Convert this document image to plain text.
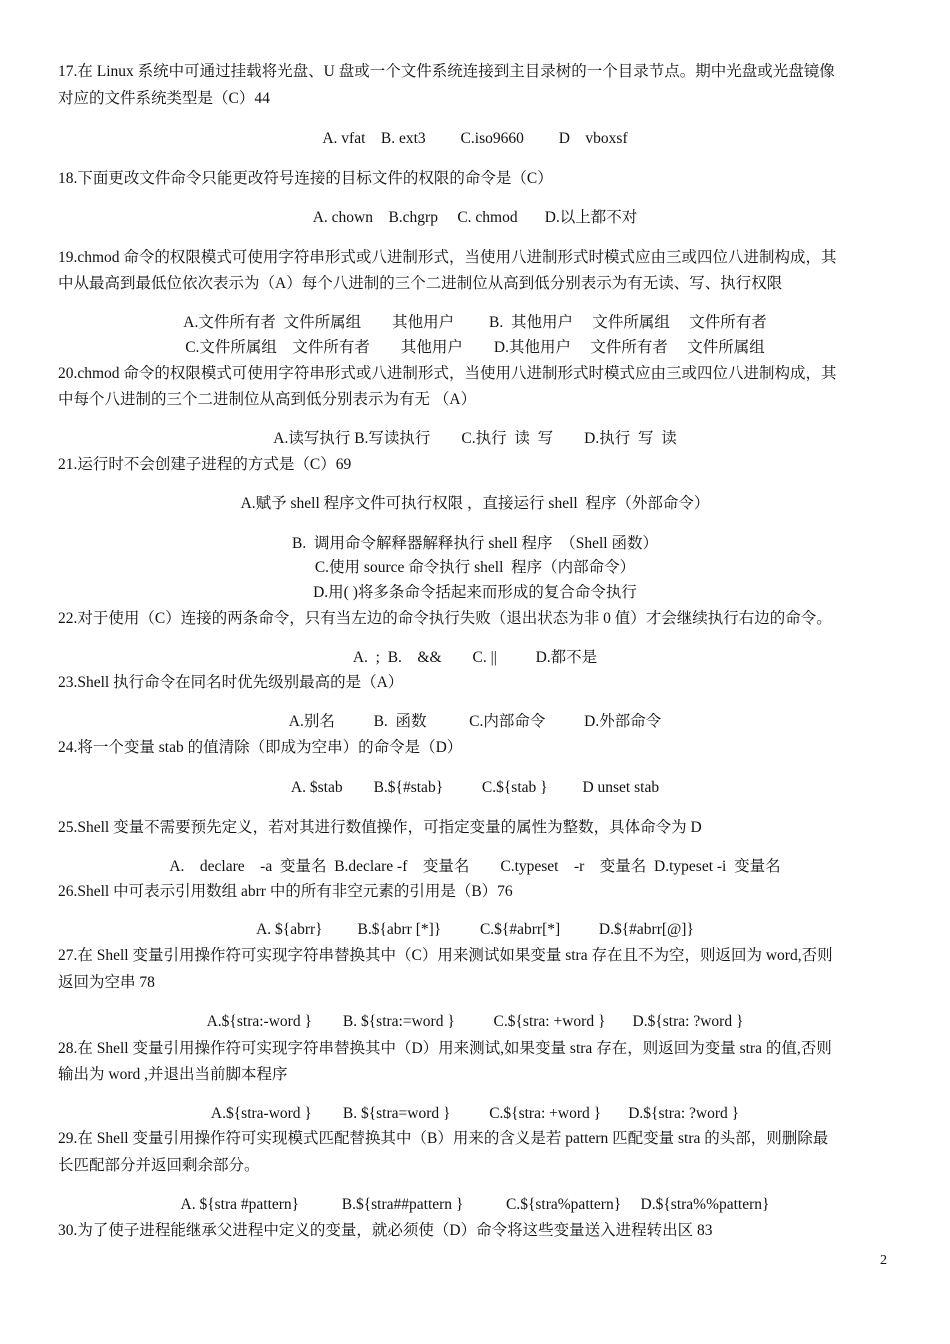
17.在 Linux 系统中可通过挂载将光盘、U 盘或一个文件系统连接到主目录树的一个目录节点。期中光盘或光盘镜像
对应的文件系统类型是（C）44
A. vfat    B. ext3         C.iso9660         D    vboxsf
18.下面更改文件命令只能更改符号连接的目标文件的权限的命令是（C）
A. chown    B.chgrp     C. chmod       D.以上都不对
19.chmod 命令的权限模式可使用字符串形式或八进制形式，当使用八进制形式时模式应由三或四位八进制构成，其
中从最高到最低位依次表示为（A）每个八进制的三个二进制位从高到低分别表示为有无读、写、执行权限
A.文件所有者  文件所属组        其他用户         B.  其他用户     文件所属组     文件所有者
C.文件所属组    文件所有者        其他用户        D.其他用户     文件所有者     文件所属组
20.chmod 命令的权限模式可使用字符串形式或八进制形式，当使用八进制形式时模式应由三或四位八进制构成，其
中每个八进制的三个二进制位从高到低分别表示为有无 （A）
A.读写执行 B.写读执行        C.执行  读  写        D.执行  写  读
21.运行时不会创建子进程的方式是（C）69
A.赋予 shell 程序文件可执行权限 ，直接运行 shell  程序（外部命令）
B.  调用命令解释器解释执行 shell 程序  （Shell 函数）
C.使用 source 命令执行 shell  程序（内部命令）
D.用( )将多条命令括起来而形成的复合命令执行
22.对于使用（C）连接的两条命令，只有当左边的命令执行失败（退出状态为非 0 值）才会继续执行右边的命令。
A.  ;  B.    &&        C. ||          D.都不是
23.Shell 执行命令在同名时优先级别最高的是（A）
A.别名          B.  函数           C.内部命令          D.外部命令
24.将一个变量 stab 的值清除（即成为空串）的命令是（D）
A. $stab        B.${#stab}          C.${stab }         D unset stab
25.Shell 变量不需要预先定义，若对其进行数值操作，可指定变量的属性为整数，具体命令为 D
A.    declare    -a  变量名  B.declare -f    变量名        C.typeset    -r    变量名  D.typeset -i  变量名
26.Shell 中可表示引用数组 abrr 中的所有非空元素的引用是（B）76
A. ${abrr}         B.${abrr [*]}          C.${#abrr[*]          D.${#abrr[@]}
27.在 Shell 变量引用操作符可实现字符串替换其中（C）用来测试如果变量 stra 存在且不为空，则返回为 word,否则
返回为空串 78
A.${stra:-word }        B. ${stra:=word }          C.${stra: +word }       D.${stra: ?word }
28.在 Shell 变量引用操作符可实现字符串替换其中（D）用来测试,如果变量 stra 存在，则返回为变量 stra 的值,否则
输出为 word ,并退出当前脚本程序
A.${stra-word }        B. ${stra=word }          C.${stra: +word }       D.${stra: ?word }
29.在 Shell 变量引用操作符可实现模式匹配替换其中（B）用来的含义是若 pattern 匹配变量 stra 的头部，则删除最
长匹配部分并返回剩余部分。
A. ${stra #pattern}           B.${stra##pattern }           C.${stra%pattern}     D.${stra%%pattern}
30.为了使子进程能继承父进程中定义的变量，就必须使（D）命令将这些变量送入进程转出区 83
2
